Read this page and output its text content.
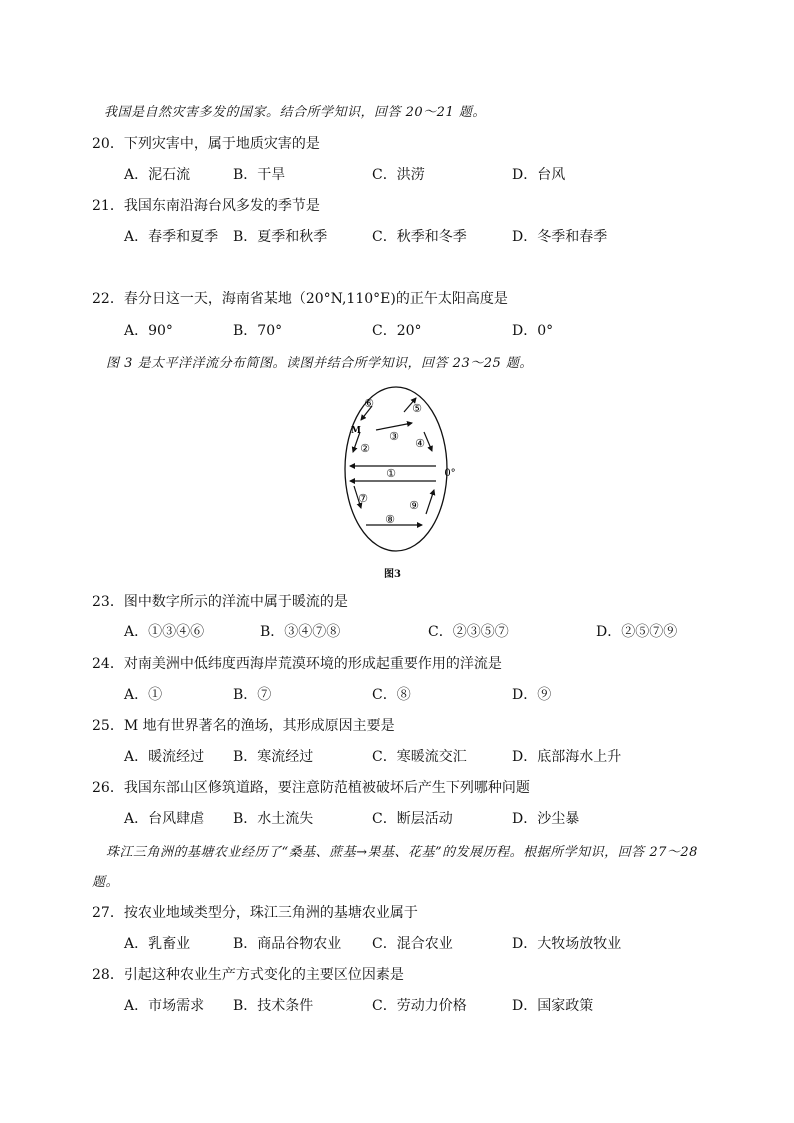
我国是自然灾害多发的国家。结合所学知识，回答 20～21 题。
20．下列灾害中，属于地质灾害的是
A．泥石流	B．干旱	C．洪涝	D．台风
21．我国东南沿海台风多发的季节是
A．春季和夏季 B．夏季和秋季	C．秋季和冬季	D．冬季和春季
22．春分日这一天，海南省某地（20°N,110°E)的正午太阳高度是
A．90°	B．70°	C．20°	D．0°
图 3 是太平洋洋流分布简图。读图并结合所学知识，回答 23～25 题。
⑥	⑤
M	③
②	④
①	0°
⑦
⑨
⑧
图3
23．图中数字所示的洋流中属于暖流的是
A．①③④⑥	B．③④⑦⑧	C．②③⑤⑦	D．②⑤⑦⑨
24．对南美洲中低纬度西海岸荒漠环境的形成起重要作用的洋流是
A．①	B．⑦	C．⑧	D．⑨
25．M 地有世界著名的渔场，其形成原因主要是
A．暖流经过 B．寒流经过	C．寒暖流交汇	D．底部海水上升
26．我国东部山区修筑道路，要注意防范植被破坏后产生下列哪种问题
A．台风肆虐 B．水土流失	C．断层活动	D．沙尘暴
珠江三角洲的基塘农业经历了“桑基、蔗基→果基、花基”的发展历程。根据所学知识，回答 27～28
题。
27．按农业地域类型分，珠江三角洲的基塘农业属于
A．乳畜业	B．商品谷物农业 C．混合农业	D．大牧场放牧业
28．引起这种农业生产方式变化的主要区位因素是
A．市场需求 B．技术条件	C．劳动力价格	D．国家政策
